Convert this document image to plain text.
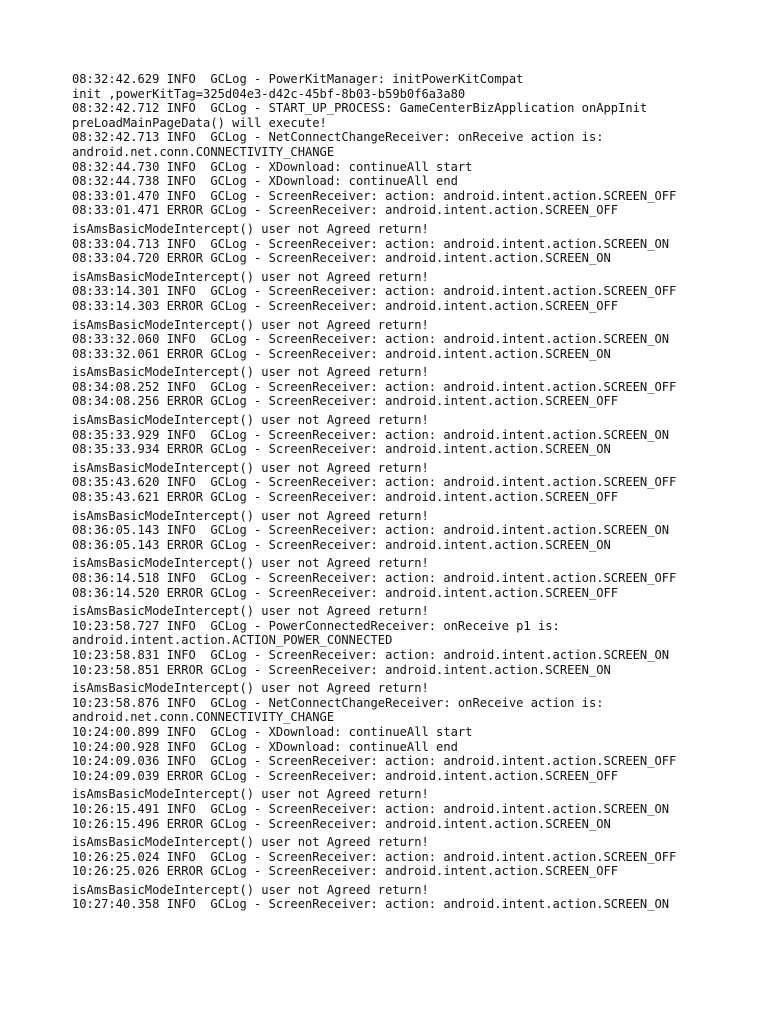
08:32:42.629 INFO  GCLog - PowerKitManager: initPowerKitCompat
init ,powerKitTag=325d04e3-d42c-45bf-8b03-b59b0f6a3a80
08:32:42.712 INFO  GCLog - START_UP_PROCESS: GameCenterBizApplication onAppInit
preLoadMainPageData() will execute!
08:32:42.713 INFO  GCLog - NetConnectChangeReceiver: onReceive action is:
android.net.conn.CONNECTIVITY_CHANGE
08:32:44.730 INFO  GCLog - XDownload: continueAll start
08:32:44.738 INFO  GCLog - XDownload: continueAll end
08:33:01.470 INFO  GCLog - ScreenReceiver: action: android.intent.action.SCREEN_OFF
08:33:01.471 ERROR GCLog - ScreenReceiver: android.intent.action.SCREEN_OFF
isAmsBasicModeIntercept() user not Agreed return!
08:33:04.713 INFO  GCLog - ScreenReceiver: action: android.intent.action.SCREEN_ON
08:33:04.720 ERROR GCLog - ScreenReceiver: android.intent.action.SCREEN_ON
isAmsBasicModeIntercept() user not Agreed return!
08:33:14.301 INFO  GCLog - ScreenReceiver: action: android.intent.action.SCREEN_OFF
08:33:14.303 ERROR GCLog - ScreenReceiver: android.intent.action.SCREEN_OFF
isAmsBasicModeIntercept() user not Agreed return!
08:33:32.060 INFO  GCLog - ScreenReceiver: action: android.intent.action.SCREEN_ON
08:33:32.061 ERROR GCLog - ScreenReceiver: android.intent.action.SCREEN_ON
isAmsBasicModeIntercept() user not Agreed return!
08:34:08.252 INFO  GCLog - ScreenReceiver: action: android.intent.action.SCREEN_OFF
08:34:08.256 ERROR GCLog - ScreenReceiver: android.intent.action.SCREEN_OFF
isAmsBasicModeIntercept() user not Agreed return!
08:35:33.929 INFO  GCLog - ScreenReceiver: action: android.intent.action.SCREEN_ON
08:35:33.934 ERROR GCLog - ScreenReceiver: android.intent.action.SCREEN_ON
isAmsBasicModeIntercept() user not Agreed return!
08:35:43.620 INFO  GCLog - ScreenReceiver: action: android.intent.action.SCREEN_OFF
08:35:43.621 ERROR GCLog - ScreenReceiver: android.intent.action.SCREEN_OFF
isAmsBasicModeIntercept() user not Agreed return!
08:36:05.143 INFO  GCLog - ScreenReceiver: action: android.intent.action.SCREEN_ON
08:36:05.143 ERROR GCLog - ScreenReceiver: android.intent.action.SCREEN_ON
isAmsBasicModeIntercept() user not Agreed return!
08:36:14.518 INFO  GCLog - ScreenReceiver: action: android.intent.action.SCREEN_OFF
08:36:14.520 ERROR GCLog - ScreenReceiver: android.intent.action.SCREEN_OFF
isAmsBasicModeIntercept() user not Agreed return!
10:23:58.727 INFO  GCLog - PowerConnectedReceiver: onReceive p1 is:
android.intent.action.ACTION_POWER_CONNECTED
10:23:58.831 INFO  GCLog - ScreenReceiver: action: android.intent.action.SCREEN_ON
10:23:58.851 ERROR GCLog - ScreenReceiver: android.intent.action.SCREEN_ON
isAmsBasicModeIntercept() user not Agreed return!
10:23:58.876 INFO  GCLog - NetConnectChangeReceiver: onReceive action is:
android.net.conn.CONNECTIVITY_CHANGE
10:24:00.899 INFO  GCLog - XDownload: continueAll start
10:24:00.928 INFO  GCLog - XDownload: continueAll end
10:24:09.036 INFO  GCLog - ScreenReceiver: action: android.intent.action.SCREEN_OFF
10:24:09.039 ERROR GCLog - ScreenReceiver: android.intent.action.SCREEN_OFF
isAmsBasicModeIntercept() user not Agreed return!
10:26:15.491 INFO  GCLog - ScreenReceiver: action: android.intent.action.SCREEN_ON
10:26:15.496 ERROR GCLog - ScreenReceiver: android.intent.action.SCREEN_ON
isAmsBasicModeIntercept() user not Agreed return!
10:26:25.024 INFO  GCLog - ScreenReceiver: action: android.intent.action.SCREEN_OFF
10:26:25.026 ERROR GCLog - ScreenReceiver: android.intent.action.SCREEN_OFF
isAmsBasicModeIntercept() user not Agreed return!
10:27:40.358 INFO  GCLog - ScreenReceiver: action: android.intent.action.SCREEN_ON
